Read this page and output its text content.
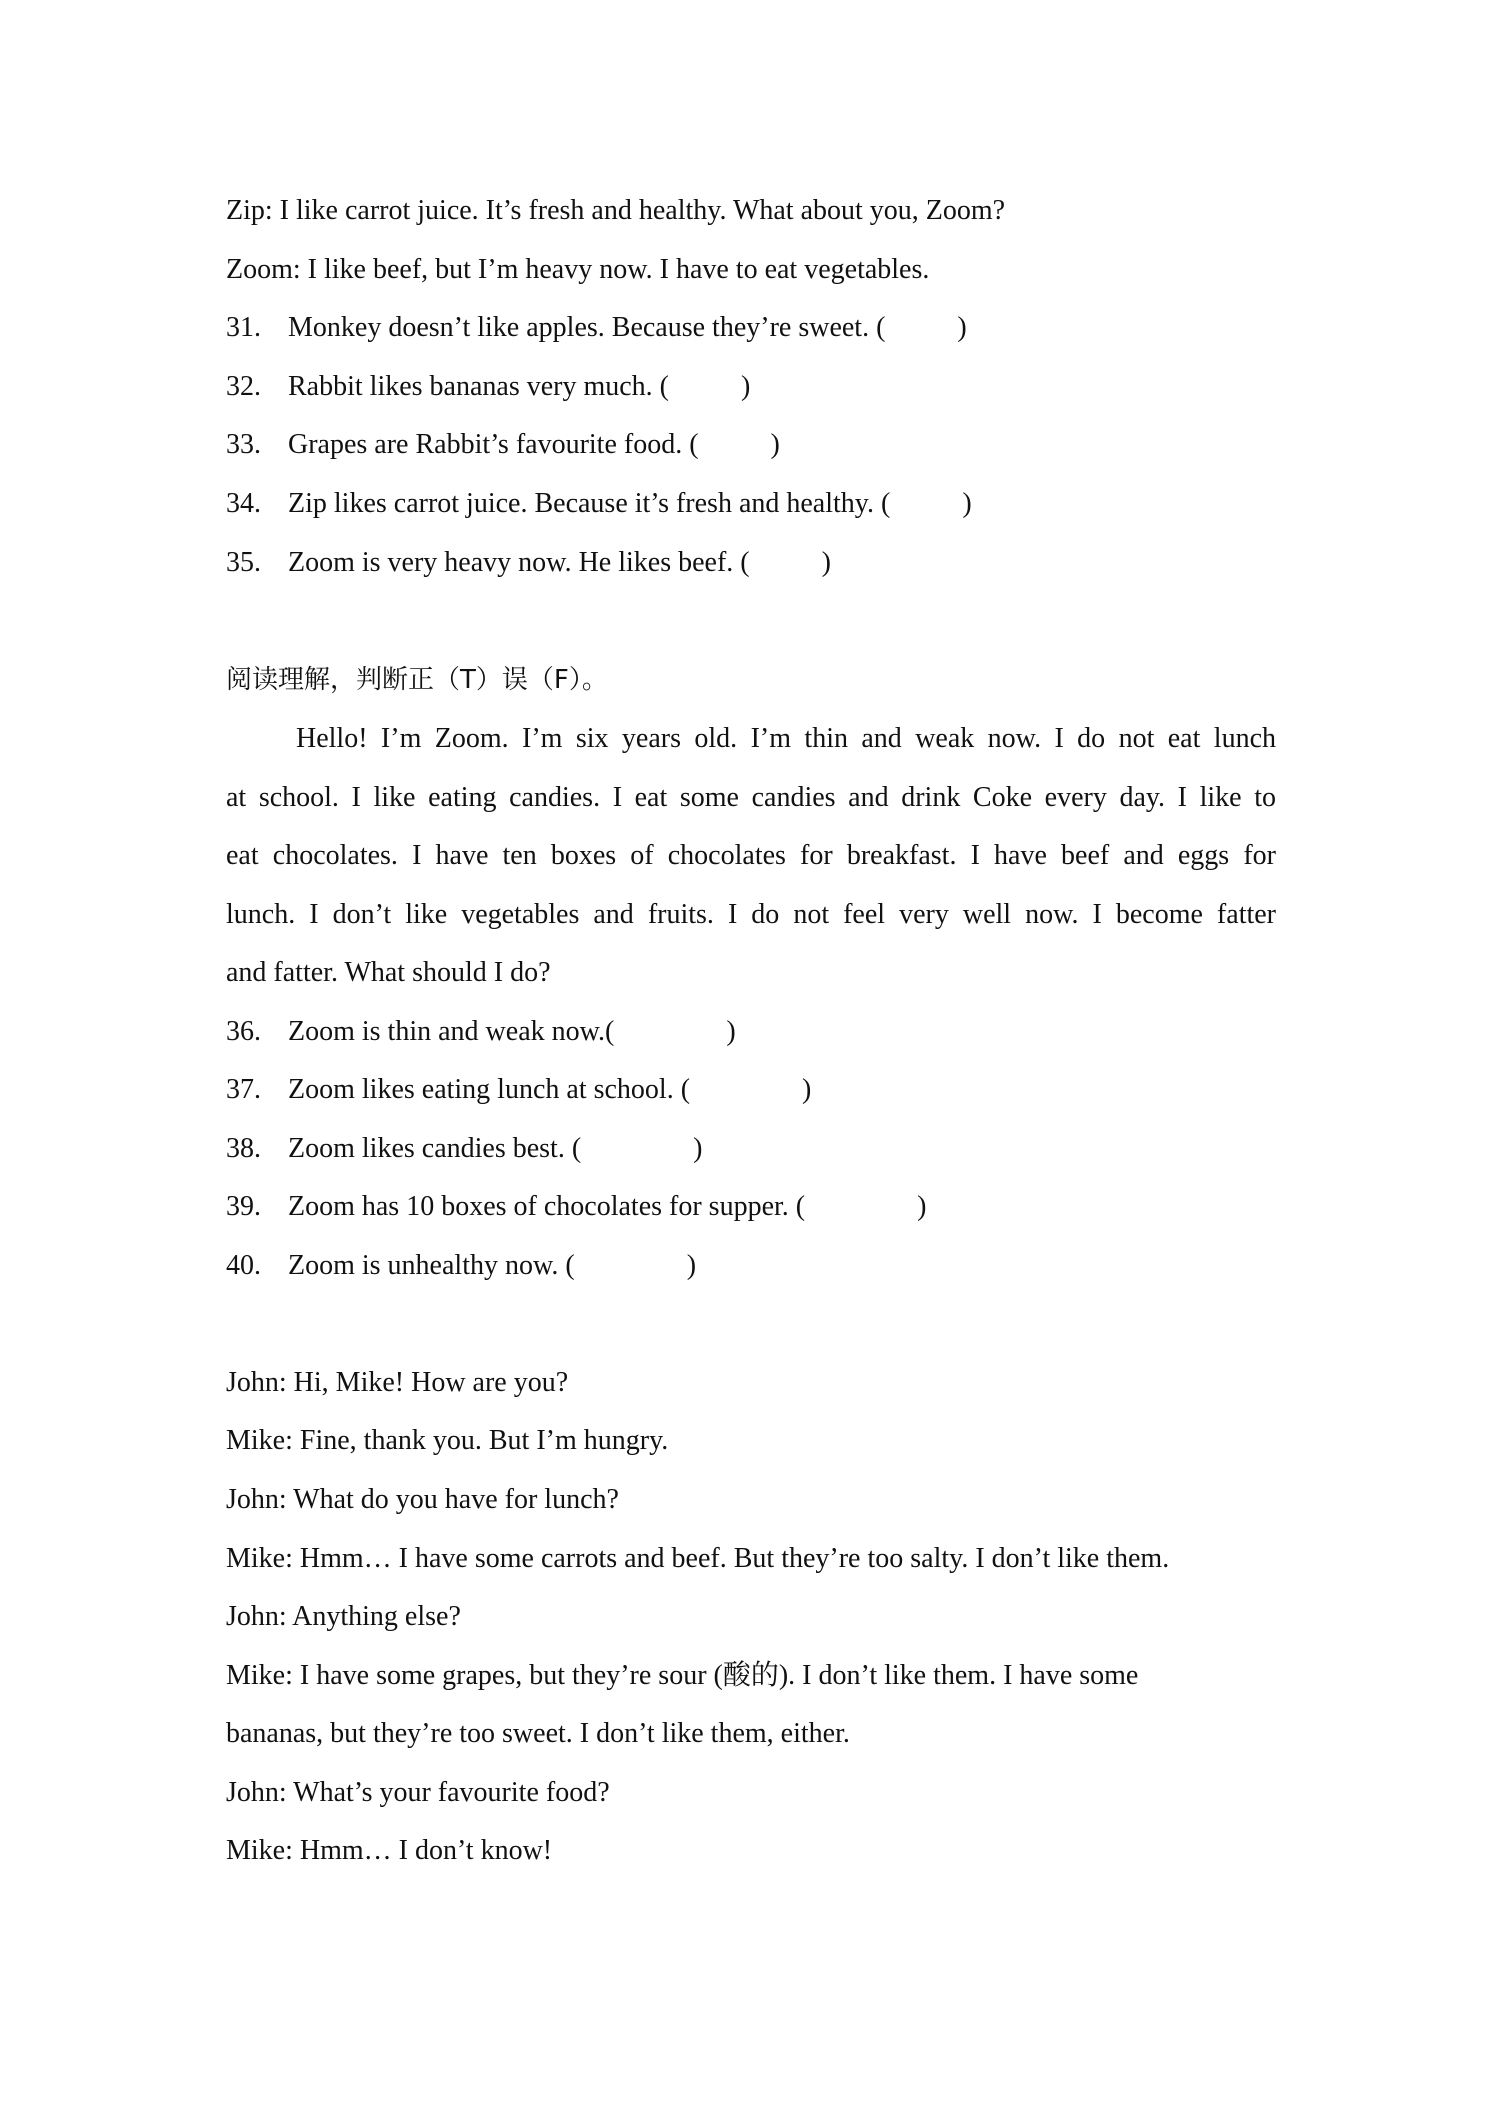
Zip: I like carrot juice. It’s fresh and healthy. What about you, Zoom?
Zoom: I like beef, but I’m heavy now. I have to eat vegetables.
31. Monkey doesn’t like apples. Because they’re sweet. (	)
32. Rabbit likes bananas very much. (	)
33. Grapes are Rabbit’s favourite food. (	)
34. Zip likes carrot juice. Because it’s fresh and healthy. (	)
35. Zoom is very heavy now. He likes beef. (	)
阅读理解，判断正（T）误（F）。
Hello! I’m Zoom. I’m six years old. I’m thin and weak now. I do not eat lunch
at school. I like eating candies. I eat some candies and drink Coke every day. I like to
eat chocolates. I have ten boxes of chocolates for breakfast. I have beef and eggs for
lunch. I don’t like vegetables and fruits. I do not feel very well now. I become fatter
and fatter. What should I do?
36. Zoom is thin and weak now.(	)
37. Zoom likes eating lunch at school. (	)
38. Zoom likes candies best. (	)
39. Zoom has 10 boxes of chocolates for supper. (	)
40. Zoom is unhealthy now. (	)
John: Hi, Mike! How are you?
Mike: Fine, thank you. But I’m hungry.
John: What do you have for lunch?
Mike: Hmm… I have some carrots and beef. But they’re too salty. I don’t like them.
John: Anything else?
Mike: I have some grapes, but they’re sour (酸的). I don’t like them. I have some
bananas, but they’re too sweet. I don’t like them, either.
John: What’s your favourite food?
Mike: Hmm… I don’t know!
